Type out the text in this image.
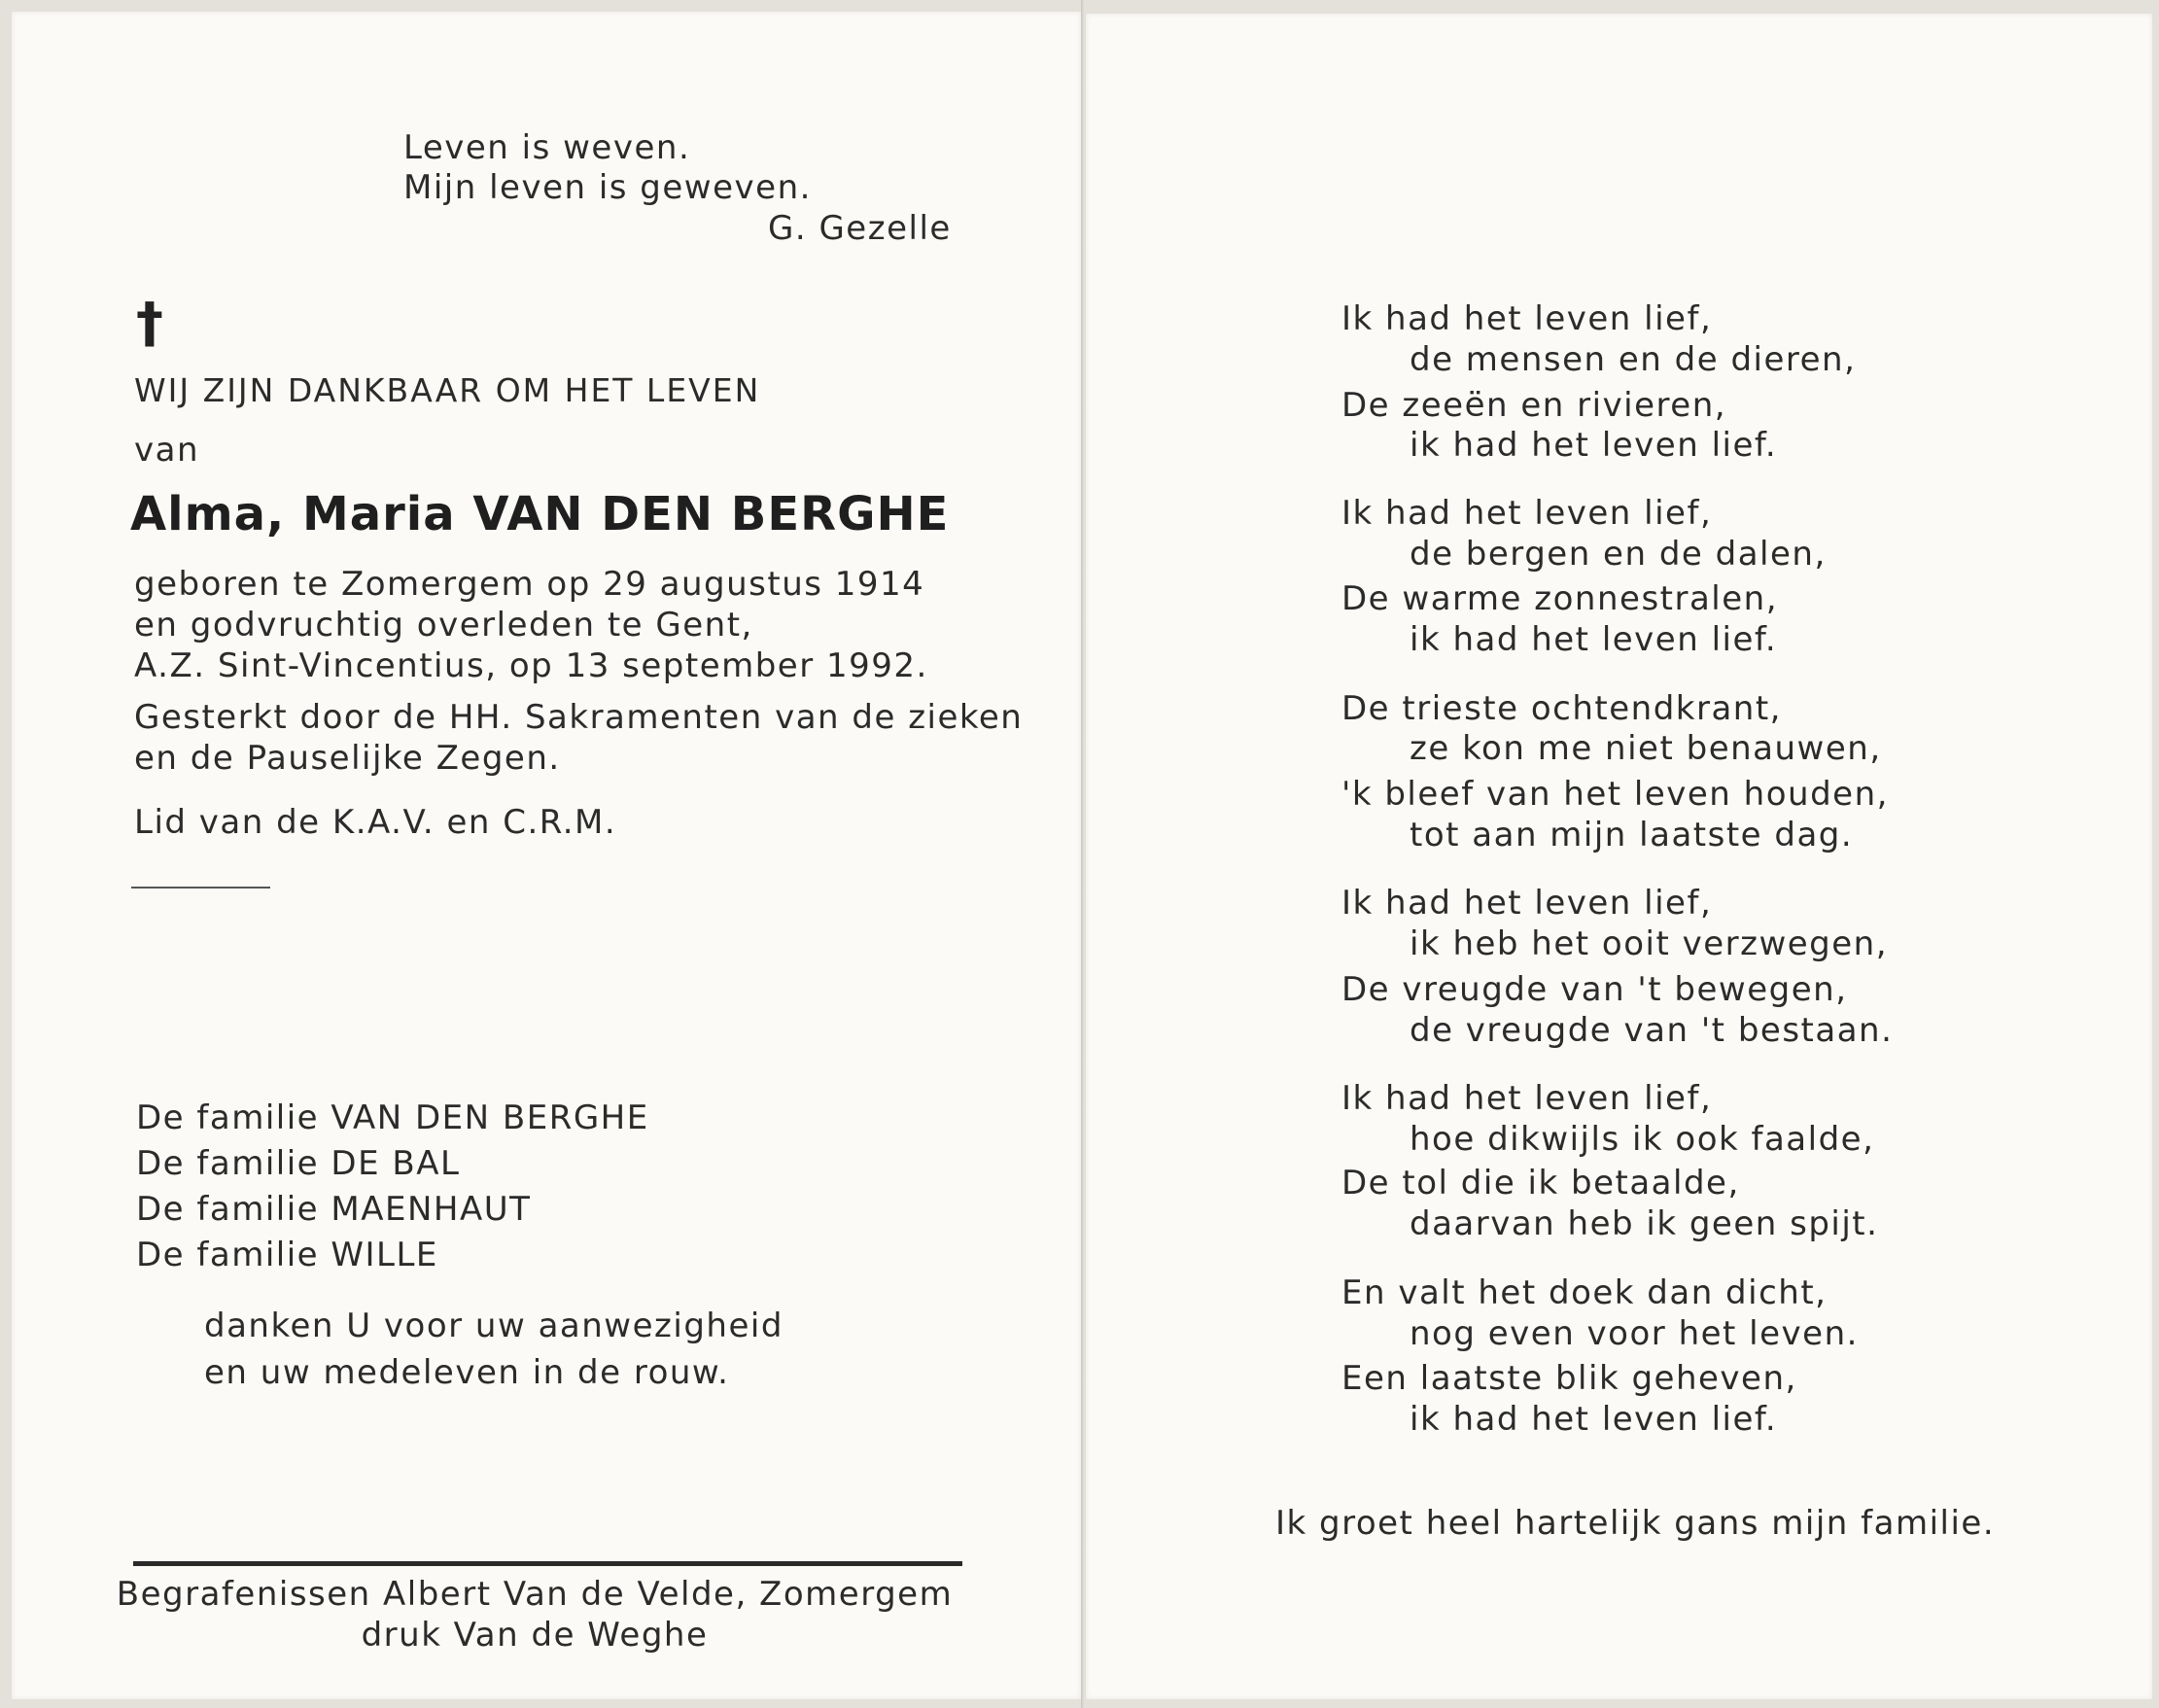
Leven is weven.
Mijn leven is geweven.
G. Gezelle
†
WIJ ZIJN DANKBAAR OM HET LEVEN
van
Alma, Maria VAN DEN BERGHE
geboren te Zomergem op 29 augustus 1914
en godvruchtig overleden te Gent,
A.Z. Sint-Vincentius, op 13 september 1992.
Gesterkt door de HH. Sakramenten van de zieken
en de Pauselijke Zegen.
Lid van de K.A.V. en C.R.M.
De familie VAN DEN BERGHE
De familie DE BAL
De familie MAENHAUT
De familie WILLE
danken U voor uw aanwezigheid
en uw medeleven in de rouw.
Begrafenissen Albert Van de Velde, Zomergem
druk Van de Weghe
Ik had het leven lief,
de mensen en de dieren,
De zeeën en rivieren,
ik had het leven lief.
Ik had het leven lief,
de bergen en de dalen,
De warme zonnestralen,
ik had het leven lief.
De trieste ochtendkrant,
ze kon me niet benauwen,
'k bleef van het leven houden,
tot aan mijn laatste dag.
Ik had het leven lief,
ik heb het ooit verzwegen,
De vreugde van 't bewegen,
de vreugde van 't bestaan.
Ik had het leven lief,
hoe dikwijls ik ook faalde,
De tol die ik betaalde,
daarvan heb ik geen spijt.
En valt het doek dan dicht,
nog even voor het leven.
Een laatste blik geheven,
ik had het leven lief.
Ik groet heel hartelijk gans mijn familie.
